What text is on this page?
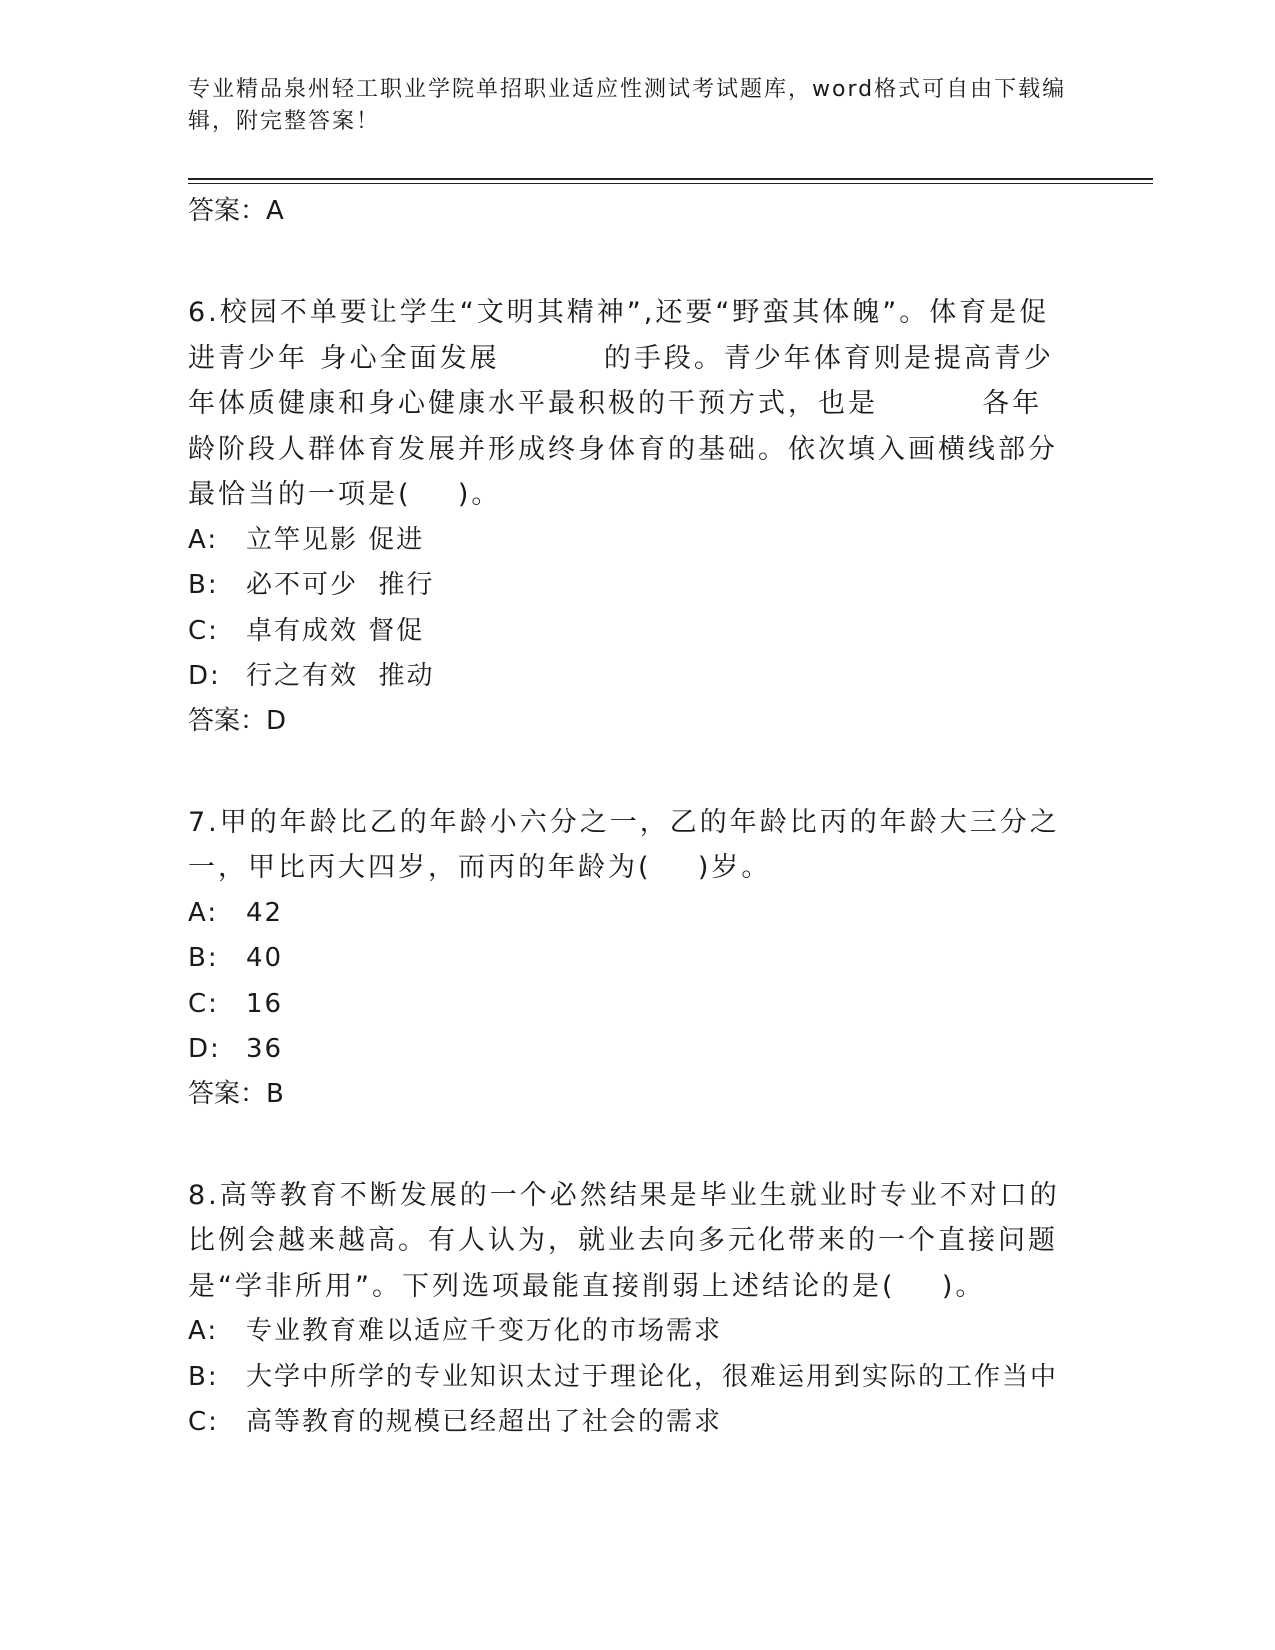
专业精品泉州轻工职业学院单招职业适应性测试考试题库，word格式可自由下载编辑，附完整答案！

答案：A

6.校园不单要让学生“文明其精神”,还要“野蛮其体魄”。体育是促进青少年 身心全面发展         的手段。青少年体育则是提高青少年体质健康和身心健康水平最积极的干预方式，也是         各年龄阶段人群体育发展并形成终身体育的基础。依次填入画横线部分最恰当的一项是(    )。

A:	立竿见影 促进

B:	必不可少  推行

C:	卓有成效 督促

D: 行之有效  推动

答案：D

7.甲的年龄比乙的年龄小六分之一，乙的年龄比丙的年龄大三分之一，甲比丙大四岁，而丙的年龄为(    )岁。

A:	42

B:	40

C:	16

D: 36

答案：B

8.高等教育不断发展的一个必然结果是毕业生就业时专业不对口的比例会越来越高。有人认为，就业去向多元化带来的一个直接问题是“学非所用”。下列选项最能直接削弱上述结论的是(    )。

A:	专业教育难以适应千变万化的市场需求

B:	大学中所学的专业知识太过于理论化，很难运用到实际的工作当中

C:	高等教育的规模已经超出了社会的需求
